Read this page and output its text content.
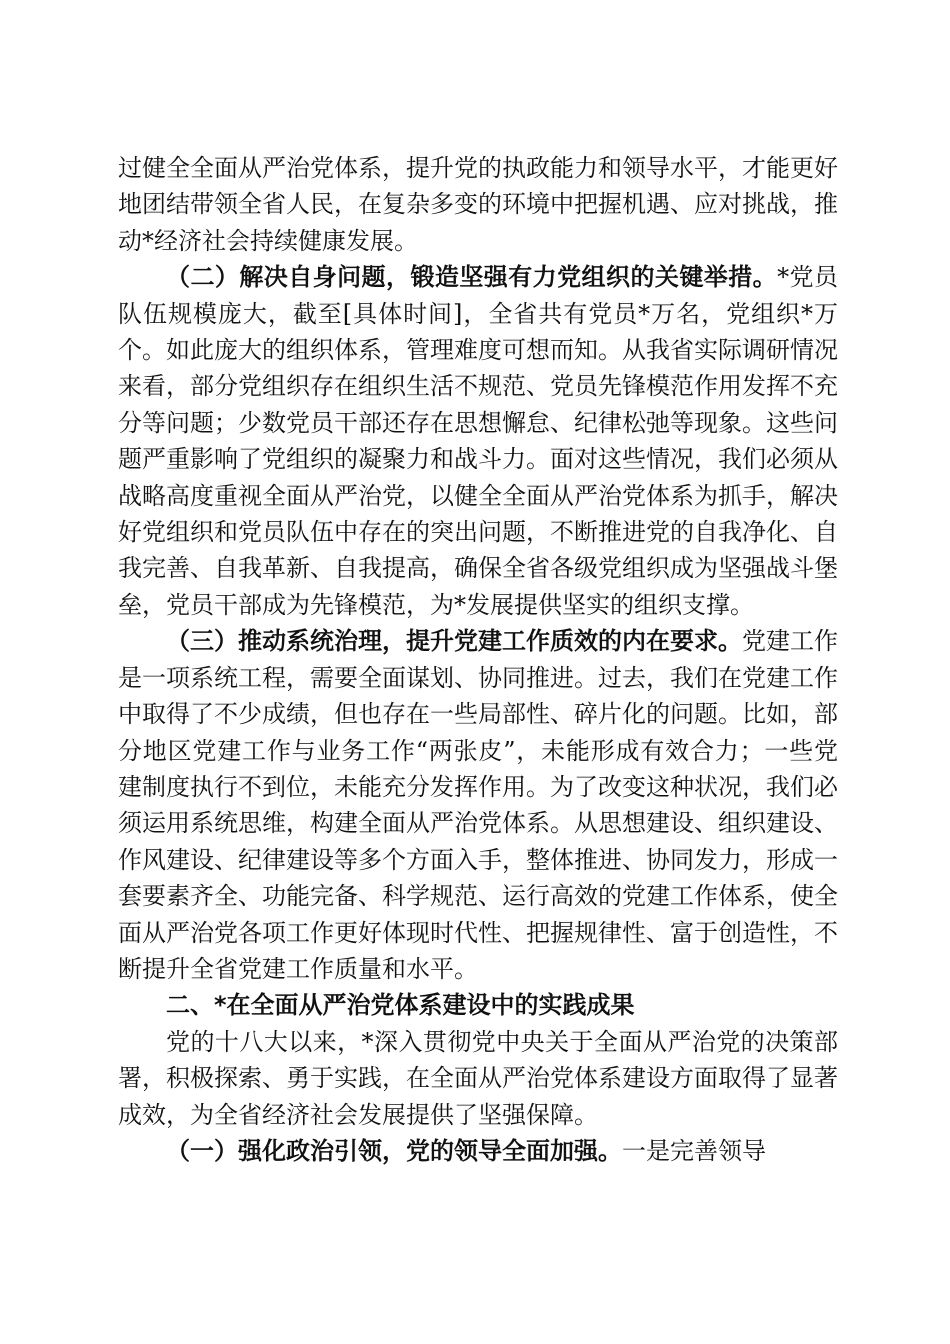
过健全全面从严治党体系，提升党的执政能力和领导水平，才能更好地团结带领全省人民，在复杂多变的环境中把握机遇、应对挑战，推动*经济社会持续健康发展。

（二）解决自身问题，锻造坚强有力党组织的关键举措。*党员队伍规模庞大，截至[具体时间]，全省共有党员*万名，党组织*万个。如此庞大的组织体系，管理难度可想而知。从我省实际调研情况来看，部分党组织存在组织生活不规范、党员先锋模范作用发挥不充分等问题；少数党员干部还存在思想懈怠、纪律松弛等现象。这些问题严重影响了党组织的凝聚力和战斗力。面对这些情况，我们必须从战略高度重视全面从严治党，以健全全面从严治党体系为抓手，解决好党组织和党员队伍中存在的突出问题，不断推进党的自我净化、自我完善、自我革新、自我提高，确保全省各级党组织成为坚强战斗堡垒，党员干部成为先锋模范，为*发展提供坚实的组织支撑。

（三）推动系统治理，提升党建工作质效的内在要求。党建工作是一项系统工程，需要全面谋划、协同推进。过去，我们在党建工作中取得了不少成绩，但也存在一些局部性、碎片化的问题。比如，部分地区党建工作与业务工作“两张皮”，未能形成有效合力；一些党建制度执行不到位，未能充分发挥作用。为了改变这种状况，我们必须运用系统思维，构建全面从严治党体系。从思想建设、组织建设、作风建设、纪律建设等多个方面入手，整体推进、协同发力，形成一套要素齐全、功能完备、科学规范、运行高效的党建工作体系，使全面从严治党各项工作更好体现时代性、把握规律性、富于创造性，不断提升全省党建工作质量和水平。

二、*在全面从严治党体系建设中的实践成果

党的十八大以来，*深入贯彻党中央关于全面从严治党的决策部署，积极探索、勇于实践，在全面从严治党体系建设方面取得了显著成效，为全省经济社会发展提供了坚强保障。

（一）强化政治引领，党的领导全面加强。一是完善领导
